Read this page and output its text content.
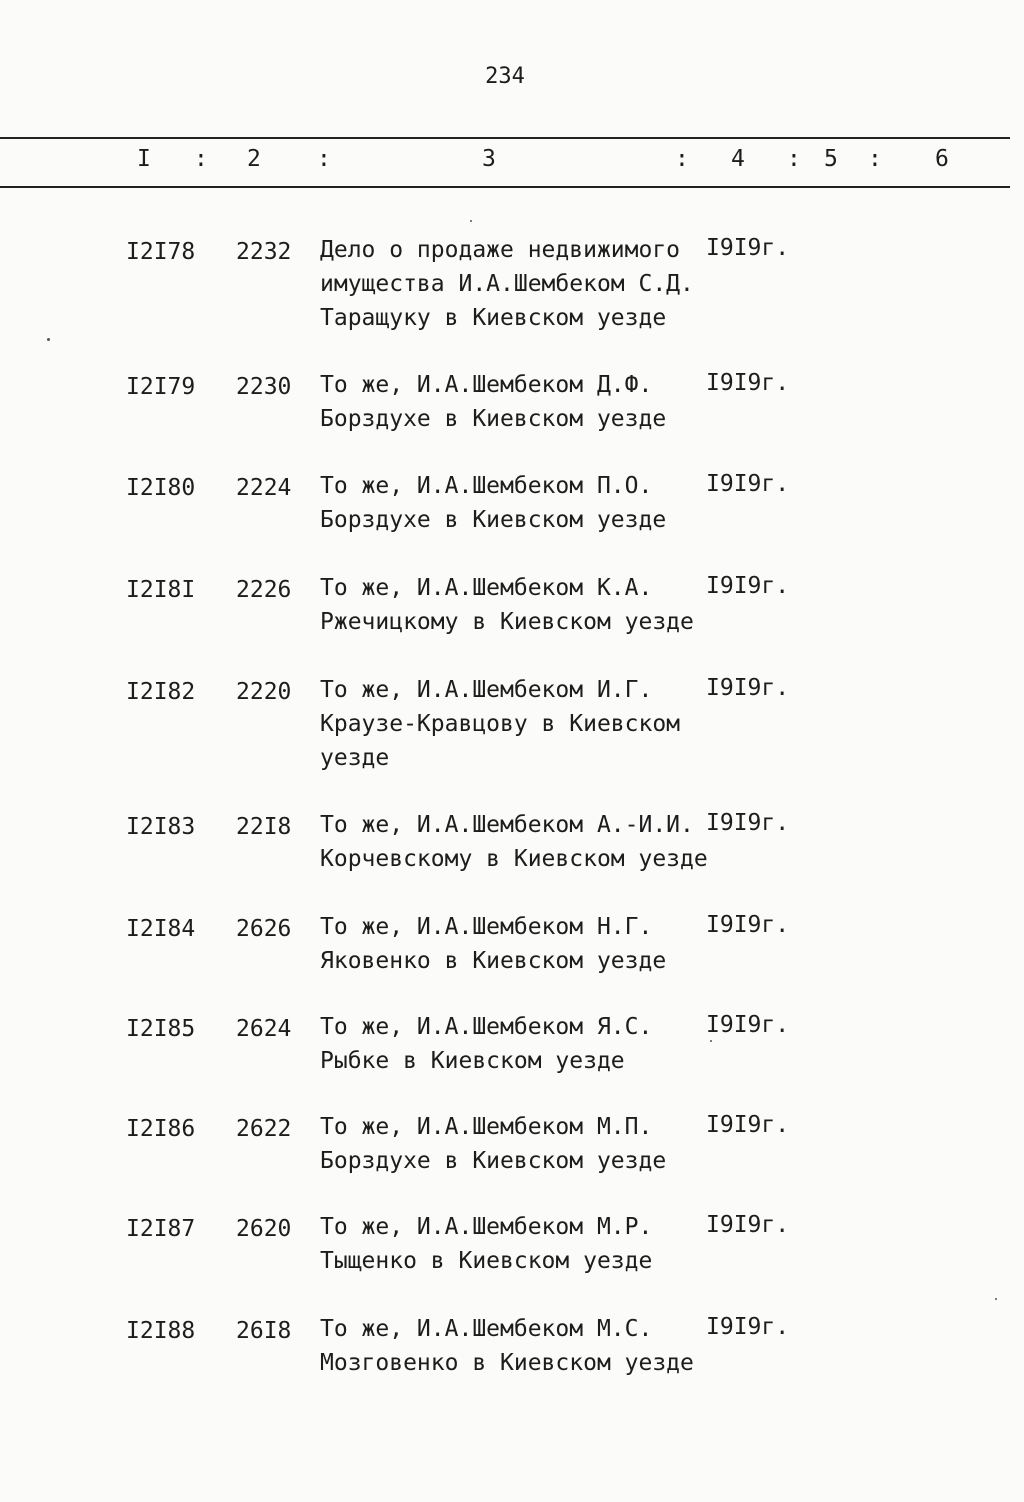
234
I : 2 :	3	: 4 : 5 : 6
I2I78	2232	Дело о продаже недвижимого
имущества И.А.Шембеком С.Д.
Таращуку в Киевском уезде
I9I9г.
I2I79	2230	То же, И.А.Шембеком Д.Ф.
Борздухе в Киевском уезде
I9I9г.
I2I80	2224	То же, И.А.Шембеком П.О.
Борздухе в Киевском уезде
I9I9г.
I2I8I	2226	То же, И.А.Шембеком К.А.
Ржечицкому в Киевском уезде
I9I9г.
I2I82	2220	То же, И.А.Шембеком И.Г.
Краузе-Кравцову в Киевском
уезде
I9I9г.
I2I83	22I8	То же, И.А.Шембеком А.-И.И.
Корчевскому в Киевском уезде
I9I9г.
I2I84	2626	То же, И.А.Шембеком Н.Г.
Яковенко в Киевском уезде
I9I9г.
I2I85	2624	То же, И.А.Шембеком Я.С.
Рыбке в Киевском уезде
I9I9г.
I2I86	2622	То же, И.А.Шембеком М.П.
Борздухе в Киевском уезде
I9I9г.
I2I87	2620	То же, И.А.Шембеком М.Р.
Тыщенко в Киевском уезде
I9I9г.
I2I88	26I8	То же, И.А.Шембеком М.С.
Мозговенко в Киевском уезде
I9I9г.
